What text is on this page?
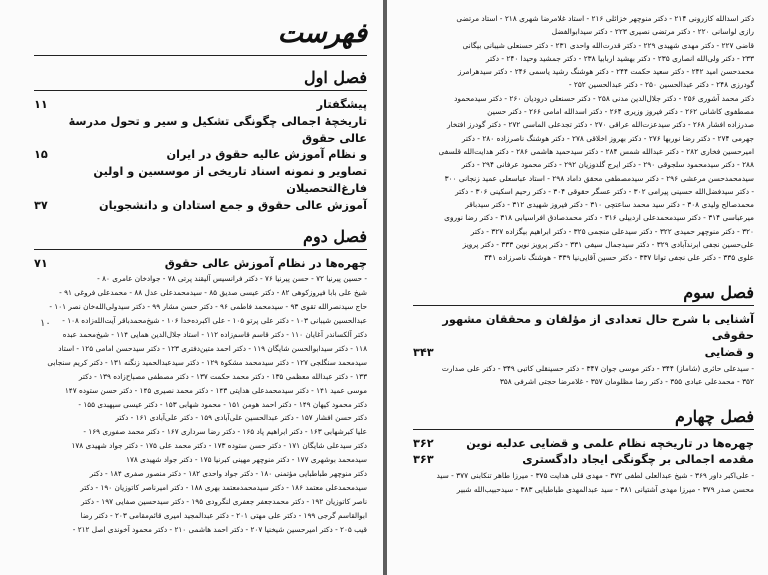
فهرست
فصل اول
پیشگفتار
۱۱
تاریخچهٔ اجمالی چگونگی تشکیل و سیر و تحول مدرسهٔ عالی حقوق
و نظام آموزش عالیه حقوق در ایران
۱۵
تصاویر و نمونه اسناد تاریخی از موسسین و اولین فارغ‌التحصیلان
آموزش عالی حقوق و جمع استادان و دانشجویان
۳۷
فصل دوم
چهره‌ها در نظام آموزش عالی حقوق
۷۱

- حسین پیرنیا ۷۲ - حسن پیرنیا ۷۶ - دکتر فرانسیس آلیقند پرتی ۷۸ - جوادخان عامری ۸۰ -

شیخ علی بابا فیروزکوهی ۸۲ - دکتر عیسی صدیق ۸۵ - سیدمحمدعلی عدل ۸۸ - محمدعلی فروغی ۹۱ -

حاج سیدنصرالله تقوی ۹۳ - سیدمحمد فاطمی ۹۶ - دکتر حسن مشار ۹۹ - دکتر سیدولی‌الله‌خان نصر ۱۰۱ -

عبدالحسین شیبانی ۱۰۳ - دکتر علی پرتو ۱۰۵ - علی اکبرده‌خدا ۱۰۶ - شیخ‌محمدباقر آیت‌الله‌زاده ۱۰۸ -

دکتر آلکساندر آغایان ۱۱۰ - دکتر قاسم قاسم‌زاده ۱۱۲ - استاد جلال‌الدین همایی ۱۱۴ - شیخ‌محمد عبده

۱۱۸ - دکتر سید‌ابوالحسن شایگان ۱۱۹ - دکتر احمد متین‌دفتری ۱۲۳ - دکتر سیدحسن امامی ۱۲۵ - استاد

سیدمحمد سنگلجی ۱۲۷ - دکتر سیدمحمد مشکوة ۱۲۹ - دکتر سیدعبدالحمید زنگنه ۱۳۱ - دکتر کریم سنجابی

۱۳۳ - دکتر عبدالله معظمی ۱۳۵ - دکتر محمد حکمت ۱۳۷ - دکتر مصطفی مصباح‌زاده ۱۳۹ - دکتر

موسی عمید ۱۴۱ - دکتر سیدمحمدعلی هدایتی ۱۴۳ - دکتر محمد نصیری ۱۴۵ - دکتر حسن ستوده ۱۴۷

دکتر محمود کیهان ۱۴۹ - دکتر احمد هومن ۱۵۱ - محمود شهابی ۱۵۳ - دکتر عیسی سپهبدی ۱۵۵ -

دکتر حسن افشار ۱۵۷ - دکتر عبدالحسین علی‌آبادی ۱۵۹ - دکتر علی‌آبادی ۱۶۱ - دکتر

علیا کبرشهابی ۱۶۳ - دکتر ابراهیم پاد ۱۶۵ - دکتر رضا سرداری ۱۶۷ - دکتر محمد صفوری ۱۶۹ -

دکتر سیدعلی شایگان ۱۷۱ - دکتر حسن ستوده ۱۷۳ - دکتر محمد علی ۱۷۵ - دکتر جواد شهیدی ۱۷۸

سیدمحمد بوشهری ۱۷۷ - دکتر منوچهر مهینی کبرنیا ۱۷۵ - دکتر جواد شهیدی ۱۷۸

دکتر منوچهر طباطبایی مؤتمنی ۱۸۰ - دکتر جواد واحدی ۱۸۲ - دکتر منصور صفری ۱۸۴ - دکتر

سیدمحمدعلی معتمد ۱۸۶ - دکتر سیدمحمدمعتمد بهری ۱۸۸ - دکتر امیرناصر کاتوزیان ۱۹۰ - دکتر

ناصر کاتوزیان ۱۹۲ - دکتر محمدجعفر جعفری لنگرودی ۱۹۵ - دکتر سیدحسین صفایی ۱۹۷ - دکتر

ابوالقاسم گرجی ۱۹۹ - دکتر علی مهتی ۲۰۱ - دکتر عبدالمجید امیری قائم‌مقامی ۲۰۳ - دکتر رضا

قیب ۲۰۵ - دکتر امیرحسین شیخنیا ۲۰۷ - دکتر احمد هاشمی ۲۱۰ - دکتر محمود آخوندی اصل ۲۱۲ -

۱۰

دکتر اسدالله کازرونی ۲۱۴ - دکتر منوچهر خزائلی ۲۱۶ - استاد غلامرضا شهری ۲۱۸ - استاد مرتضی

رازی لواسانی ۲۲۰ - دکتر مرتضی نصیری ۲۲۳ - دکتر سیدابوالفضل

قاضی ۲۲۷ - دکتر مهدی شهیدی ۲۲۹ - دکتر قدرت‌الله واحدی ۲۳۱ - دکتر حسنعلی شیبانی بیگانی

۲۳۳ - دکتر ولی‌الله انصاری ۲۳۵ - دکتر بهشید اربابیا ۲۳۸ - دکتر جمشید وحیدا ۲۴۰ - دکتر

محمدحسن امید ۲۴۲ - دکتر سعید حکمت ۲۴۴ - دکتر هوشنگ رشید یاسمی ۲۴۶ - دکتر سیدهرامرز

گودرزی ۲۴۸ - دکتر عبدالحسین ۲۵۰ - دکتر عبدالحسین ۲۵۲ -

دکتر محمد آشوری ۲۵۶ - دکتر جلال‌الدین مدنی ۲۵۸ - دکتر حسنعلی درودیان ۲۶۰ - دکتر سیدمحمود

مصطفوی کاشانی ۲۶۲ - دکتر فیروز وزیری ۲۶۴ - دکتر اسدالله امامی ۲۶۶ - دکتر حسین

صدرزاده افشار ۲۶۸ - دکتر سیدعزت‌الله عراقی ۲۷۰ - دکتر تجدعلی الماسی ۲۷۲ - دکتر گودرز افتخار

جهرمی ۲۷۴ - دکتر رضا نوربها ۲۷۶ - دکتر بهروز اخلاقی ۲۷۸ - دکتر هوشنگ ناصرزاده ۲۸۰ - دکتر

امیرحسین فخاری ۲۸۲ - دکتر عبدالله شمس ۲۸۴ - دکتر سیدحمید هاشمی ۲۸۶ - دکتر هدایت‌الله قلسفی

۲۸۸ - دکتر سیدمحمود سلجوقی ۲۹۰ - دکتر ایرج گلدوزیان ۲۹۲ - دکتر محمود عرفانی ۲۹۴ - دکتر

سیدمحمدحسن مرعشی ۲۹۶ - دکتر سیدمصطفی محقق داماد ۲۹۸ - استاد عباسعلی عمید زنجانی ۳۰۰

- دکتر سیدفضل‌الله حسینی پیرامی ۳۰۲ - دکتر عسگر حقوقی ۳۰۴ - دکتر رحیم اسکینی ۳۰۶ - دکتر

محمدصالح ولیدی ۳۰۸ - دکتر سید محمد ساعتچی ۳۱۰ - دکتر فیروز شهیدی ۳۱۲ - دکتر سیدباقر

میرعباسی ۳۱۴ - دکتر سید‌محمدعلی اردبیلی ۳۱۶ - دکتر محمدصادق افراسیابی ۳۱۸ - دکتر رضا نوروی

۳۲۰ - دکتر منوچهر حمیدی ۳۲۲ - دکتر سیدعلی منجمی ۳۲۵ - دکتر ابراهیم بیگزاده ۳۲۷ - دکتر

علی‌حسین نجفی ابرندآبادی ۳۲۹ - دکتر سیدجمال سیفی ۳۳۱ - دکتر پرویز نوین ۳۳۳ - دکتر پرویز

علوی ۳۳۵ - دکتر علی نجفی توانا ۳۳۷ - دکتر حسین آقایی‌نیا ۳۳۹ - هوشنگ ناصرزاده ۳۴۱

فصل سوم
آشنایی با شرح حال تعدادی از مؤلفان و محققان مشهور حقوقی
و قضایی
۳۴۳

- سیدعلی حائری (شاماز) ۳۴۴ - دکتر موسی جوان ۳۴۷ - دکتر حسینقلی کاتبی ۳۴۹ - دکتر علی صدارت

۳۵۲ - محمدعلی عبادی ۳۵۵ - دکتر رضا مظلومان ۳۵۷ - غلامرضا حجتی اشرفی ۳۵۸

فصل چهارم
چهره‌ها در تاریخچه نظام علمی و قضایی عدلیه نوین
۳۶۲
مقدمه اجمالی بر چگونگی ایجاد دادگستری
۳۶۳

- علی‌اکبر داور ۳۶۹ - شیخ عبدالعلی لطفی ۳۷۲ - مهدی قلی هدایت ۳۷۵ - میرزا طاهر تنکابنی ۳۷۷ - سید

محسن صدر ۳۷۹ - میرزا مهدی آشتیانی ۳۸۱ - سید عبدالمهدی طباطبایی ۳۸۳ - سیدحبیب‌الله شبیر
